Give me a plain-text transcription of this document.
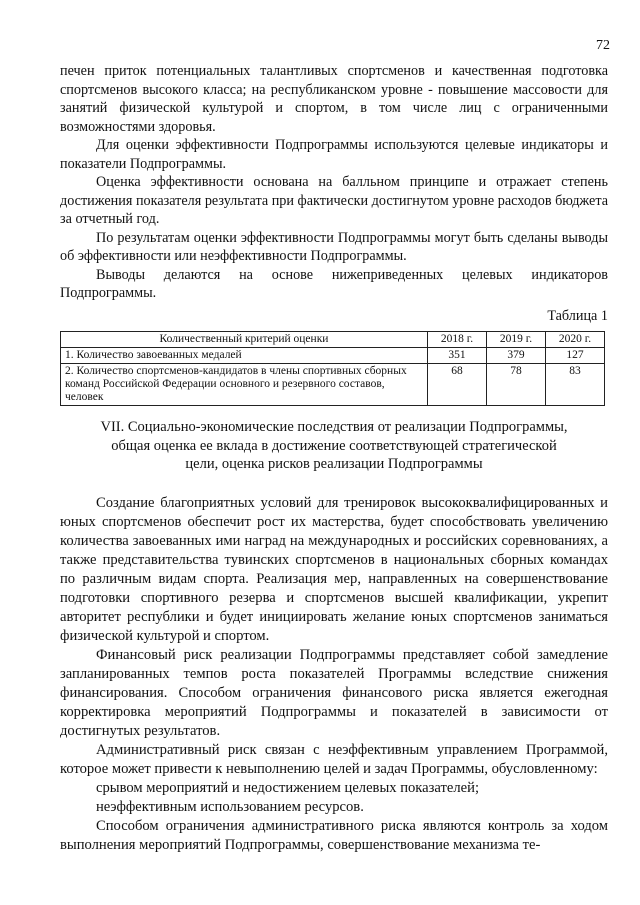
72

печен приток потенциальных талантливых спортсменов и качественная подготовка спортсменов высокого класса; на республиканском уровне - повышение массовости для занятий физической культурой и спортом, в том числе лиц с ограниченными возможностями здоровья.

Для оценки эффективности Подпрограммы используются целевые индикаторы и показатели Подпрограммы.

Оценка эффективности основана на балльном принципе и отражает степень достижения показателя результата при фактически достигнутом уровне расходов бюджета за отчетный год.

По результатам оценки эффективности Подпрограммы могут быть сделаны выводы об эффективности или неэффективности Подпрограммы.

Выводы делаются на основе нижеприведенных целевых индикаторов Подпрограммы.

Таблица 1
Количественный критерий оценки	2018 г.	2019 г.	2020 г.
1. Количество завоеванных медалей	351	379	127
2. Количество спортсменов-кандидатов в члены спортивных сборных команд Российской Федерации основного и резервного составов, человек	68	78	83
VII. Социально-экономические последствия от реализации Подпрограммы, общая оценка ее вклада в достижение соответствующей стратегической цели, оценка рисков реализации Подпрограммы

Создание благоприятных условий для тренировок высококвалифицированных и юных спортсменов обеспечит рост их мастерства, будет способствовать увеличению количества завоеванных ими наград на международных и российских соревнованиях, а также представительства тувинских спортсменов в национальных сборных командах по различным видам спорта. Реализация мер, направленных на совершенствование подготовки спортивного резерва и спортсменов высшей квалификации, укрепит авторитет республики и будет инициировать желание юных спортсменов заниматься физической культурой и спортом.

Финансовый риск реализации Подпрограммы представляет собой замедление запланированных темпов роста показателей Программы вследствие снижения финансирования. Способом ограничения финансового риска является ежегодная корректировка мероприятий Подпрограммы и показателей в зависимости от достигнутых результатов.

Административный риск связан с неэффективным управлением Программой, которое может привести к невыполнению целей и задач Программы, обусловленному:

срывом мероприятий и недостижением целевых показателей;

неэффективным использованием ресурсов.

Способом ограничения административного риска являются контроль за ходом выполнения мероприятий Подпрограммы, совершенствование механизма те-
